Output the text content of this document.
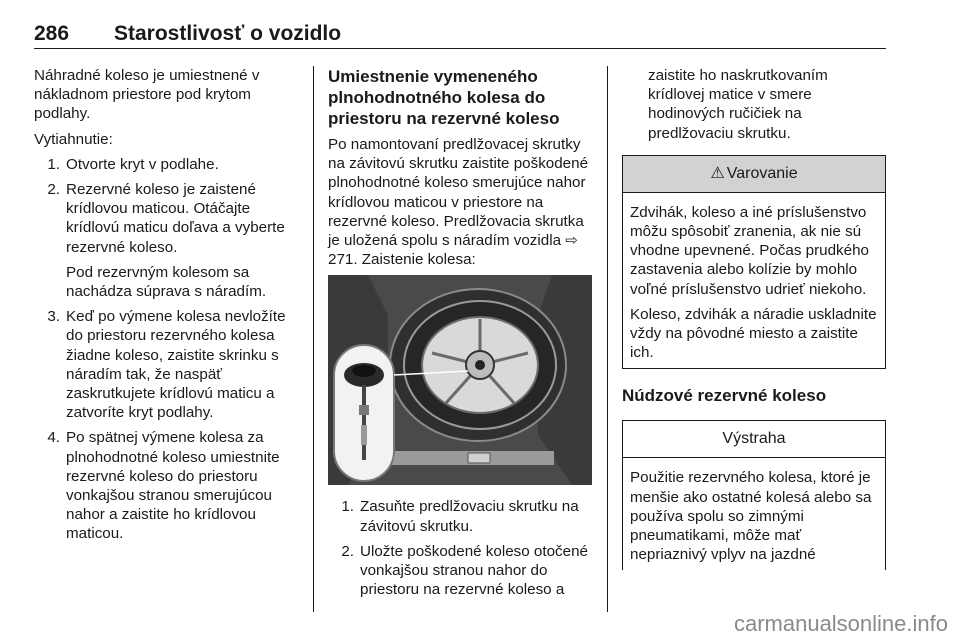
286 Starostlivosť o vozidlo

Náhradné koleso je umiestnené v nákladnom priestore pod krytom podlahy.

Vytiahnutie:

1. Otvorte kryt v podlahe.
2. Rezervné koleso je zaistené krídlovou maticou. Otáčajte krídlovú maticu doľava a vyberte rezervné koleso.

Pod rezervným kolesom sa nachádza súprava s náradím.

3. Keď po výmene kolesa nevložíte do priestoru rezervného kolesa žiadne koleso, zaistite skrinku s náradím tak, že naspäť zaskrutkujete krídlovú maticu a zatvoríte kryt podlahy.
4. Po spätnej výmene kolesa za plnohodnotné koleso umiestnite rezervné koleso do priestoru vonkajšou stranou smerujúcou nahor a zaistite ho krídlovou maticou.
Umiestnenie vymeneného plnohodnotného kolesa do priestoru na rezervné koleso

Po namontovaní predlžovacej skrutky na závitovú skrutku zaistite poškodené plnohodnotné koleso smerujúce nahor krídlovou maticou v priestore na rezervné koleso. Predlžovacia skrutka je uložená spolu s náradím vozidla ⇨ 271. Zaistenie kolesa:

1. Zasuňte predlžovaciu skrutku na závitovú skrutku.
2. Uložte poškodené koleso otočené vonkajšou stranou nahor do priestoru na rezervné koleso a

zaistite ho naskrutkovaním krídlovej matice v smere hodinových ručičiek na predlžovaciu skrutku.

⚠ Varovanie

Zdvihák, koleso a iné príslušenstvo môžu spôsobiť zranenia, ak nie sú vhodne upevnené. Počas prudkého zastavenia alebo kolízie by mohlo voľné príslušenstvo udrieť niekoho.

Koleso, zdvihák a náradie uskladnite vždy na pôvodné miesto a zaistite ich.

Núdzové rezervné koleso
Výstraha

Použitie rezervného kolesa, ktoré je menšie ako ostatné kolesá alebo sa používa spolu so zimnými pneumatikami, môže mať nepriaznivý vplyv na jazdné

carmanualsonline.info
